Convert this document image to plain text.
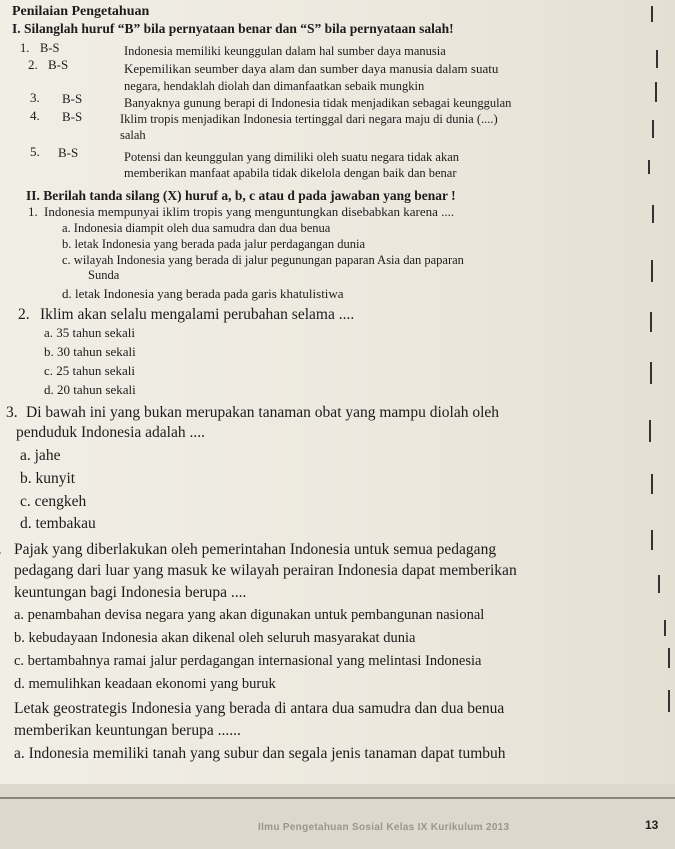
Penilaian Pengetahuan
I. Silanglah huruf “B” bila pernyataan benar dan “S” bila pernyataan salah!
1. B-S	Indonesia memiliki keunggulan dalam hal sumber daya manusia
2. B-S	Kepemilikan seumber daya alam dan sumber daya manusia dalam suatu
negara, hendaklah diolah dan dimanfaatkan sebaik mungkin
3. B-S	Banyaknya gunung berapi di Indonesia tidak menjadikan sebagai keunggulan
4. B-S	Iklim tropis menjadikan Indonesia tertinggal dari negara maju di dunia (....)
salah
5. B-S	Potensi dan keunggulan yang dimiliki oleh suatu negara tidak akan
memberikan manfaat apabila tidak dikelola dengan baik dan benar
II. Berilah tanda silang (X) huruf a, b, c atau d pada jawaban yang benar !
1. Indonesia mempunyai iklim tropis yang menguntungkan disebabkan karena ....
a. Indonesia diampit oleh dua samudra dan dua benua
b. letak Indonesia yang berada pada jalur perdagangan dunia
c. wilayah Indonesia yang berada di jalur pegunungan paparan Asia dan paparan
Sunda
d. letak Indonesia yang berada pada garis khatulistiwa
2. Iklim akan selalu mengalami perubahan selama ....
a. 35 tahun sekali
b. 30 tahun sekali
c. 25 tahun sekali
d. 20 tahun sekali
3. Di bawah ini yang bukan merupakan tanaman obat yang mampu diolah oleh
penduduk Indonesia adalah ....
a. jahe
b. kunyit
c. cengkeh
d. tembakau
Pajak yang diberlakukan oleh pemerintahan Indonesia untuk semua pedagang
pedagang dari luar yang masuk ke wilayah perairan Indonesia dapat memberikan
keuntungan bagi Indonesia berupa ....
a. penambahan devisa negara yang akan digunakan untuk pembangunan nasional
b. kebudayaan Indonesia akan dikenal oleh seluruh masyarakat dunia
c. bertambahnya ramai jalur perdagangan internasional yang melintasi Indonesia
d. memulihkan keadaan ekonomi yang buruk
Letak geostrategis Indonesia yang berada di antara dua samudra dan dua benua
memberikan keuntungan berupa ......
a. Indonesia memiliki tanah yang subur dan segala jenis tanaman dapat tumbuh
Ilmu Pengetahuan Sosial Kelas IX Kurikulum 2013	13
